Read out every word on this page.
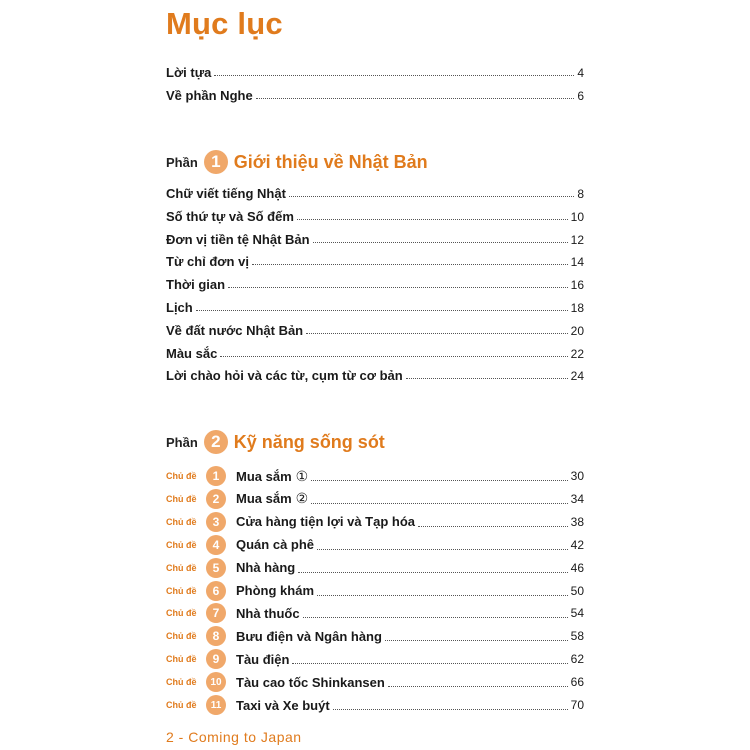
Mục lục
Lời tựa	4
Về phần Nghe	6
Phần 1 Giới thiệu về Nhật Bản
Chữ viết tiếng Nhật	8
Số thứ tự và Số đếm	10
Đơn vị tiền tệ Nhật Bản	12
Từ chỉ đơn vị	14
Thời gian	16
Lịch	18
Về đất nước Nhật Bản	20
Màu sắc	22
Lời chào hỏi và các từ, cụm từ cơ bản	24
Phần 2 Kỹ năng sống sót
Chủ đề	1	Mua sắm ①	30
Chủ đề	2	Mua sắm ②	34
Chủ đề	3	Cửa hàng tiện lợi và Tạp hóa	38
Chủ đề	4	Quán cà phê	42
Chủ đề	5	Nhà hàng	46
Chủ đề	6	Phòng khám	50
Chủ đề	7	Nhà thuốc	54
Chủ đề	8	Bưu điện và Ngân hàng	58
Chủ đề	9	Tàu điện	62
Chủ đề	10	Tàu cao tốc Shinkansen	66
Chủ đề	11	Taxi và Xe buýt	70
2 - Coming to Japan
